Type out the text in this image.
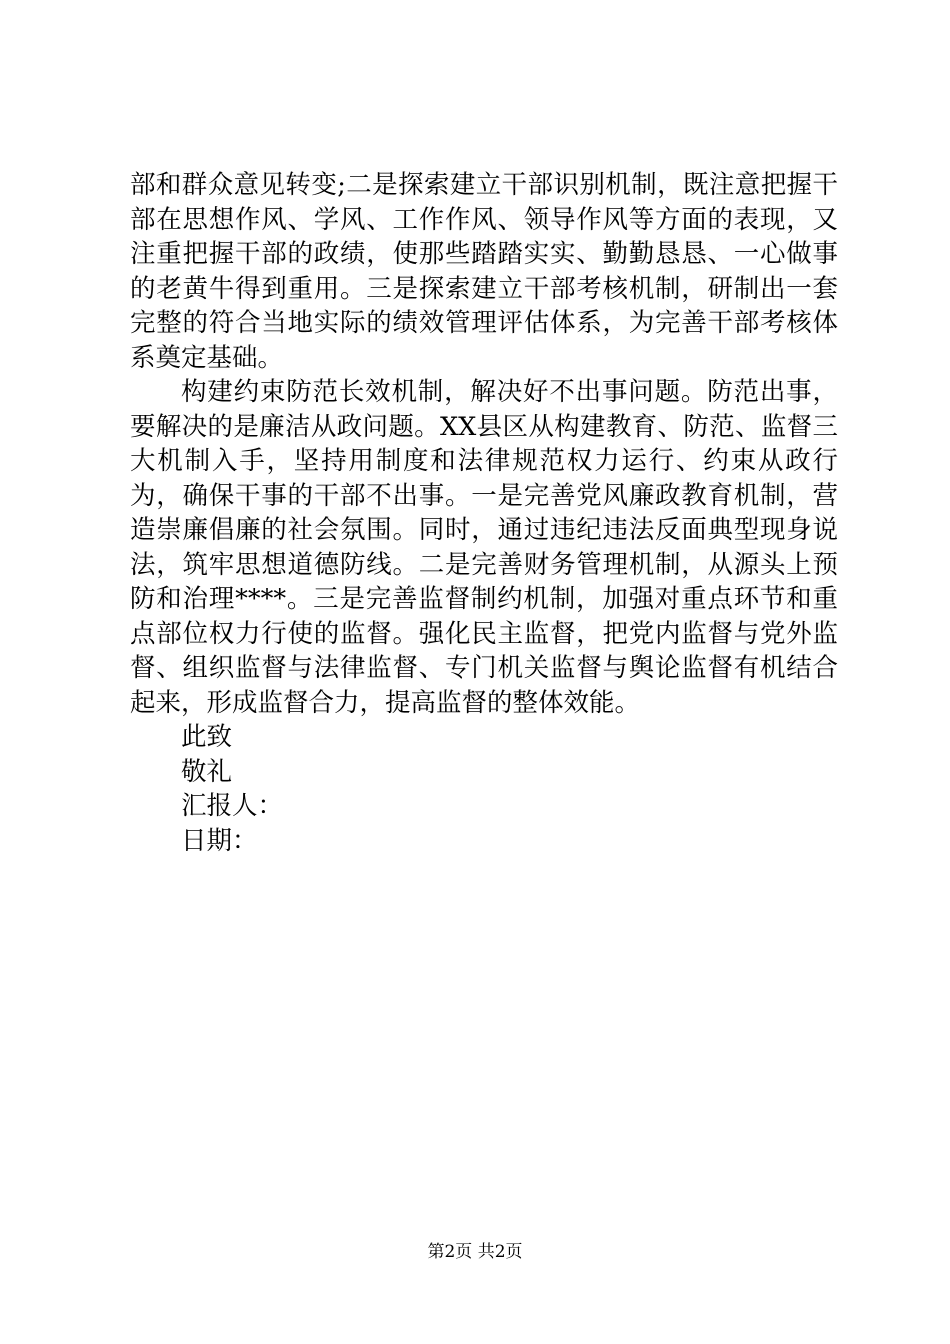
部和群众意见转变;二是探索建立干部识别机制，既注意把握干部在思想作风、学风、工作作风、领导作风等方面的表现，又注重把握干部的政绩，使那些踏踏实实、勤勤恳恳、一心做事的老黄牛得到重用。三是探索建立干部考核机制，研制出一套完整的符合当地实际的绩效管理评估体系，为完善干部考核体系奠定基础。

构建约束防范长效机制，解决好不出事问题。防范出事，要解决的是廉洁从政问题。XX县区从构建教育、防范、监督三大机制入手，坚持用制度和法律规范权力运行、约束从政行为，确保干事的干部不出事。一是完善党风廉政教育机制，营造崇廉倡廉的社会氛围。同时，通过违纪违法反面典型现身说法，筑牢思想道德防线。二是完善财务管理机制，从源头上预防和治理****。三是完善监督制约机制，加强对重点环节和重点部位权力行使的监督。强化民主监督，把党内监督与党外监督、组织监督与法律监督、专门机关监督与舆论监督有机结合起来，形成监督合力，提高监督的整体效能。

此致

敬礼

汇报人：

日期：

第2页 共2页
